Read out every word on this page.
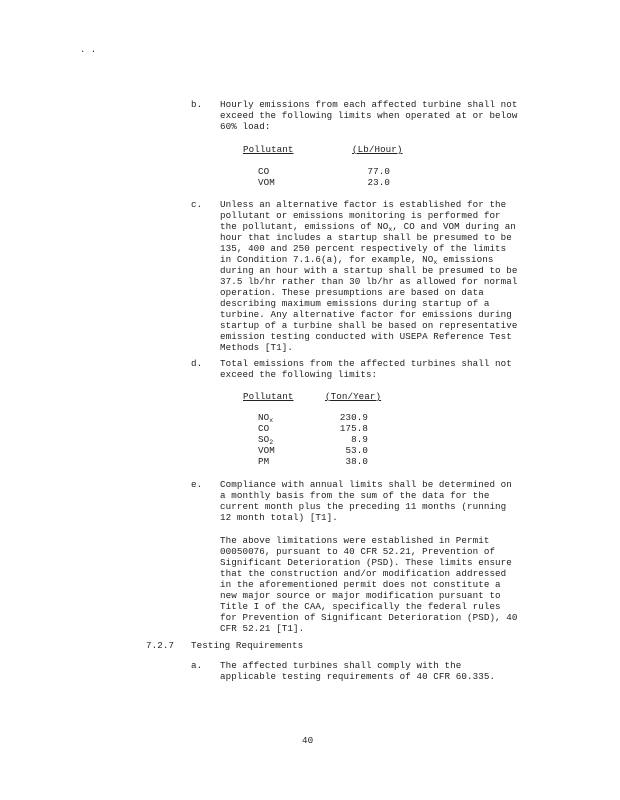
. .
b. Hourly emissions from each affected turbine shall not
exceed the following limits when operated at or below
60% load:
Pollutant	(Lb/Hour)
CO	77.0
VOM	23.0
c. Unless an alternative factor is established for the
pollutant or emissions monitoring is performed for
the pollutant, emissions of $NO_x$, CO and VOM during an
hour that includes a startup shall be presumed to be
135, 400 and 250 percent respectively of the limits
in Condition 7.1.6(a), for example, $NO_x$ emissions
during an hour with a startup shall be presumed to be
37.5 lb/hr rather than 30 lb/hr as allowed for normal
operation. These presumptions are based on data
describing maximum emissions during startup of a
turbine. Any alternative factor for emissions during
startup of a turbine shall be based on representative
emission testing conducted with USEPA Reference Test
Methods [T1].
d. Total emissions from the affected turbines shall not
exceed the following limits:
Pollutant	(Ton/Year)
$NO_x$	230.9
CO	175.8
$SO_2$	8.9
VOM	53.0
PM	38.0
e. Compliance with annual limits shall be determined on
a monthly basis from the sum of the data for the
current month plus the preceding 11 months (running
12 month total) [T1].
The above limitations were established in Permit
00050076, pursuant to 40 CFR 52.21, Prevention of
Significant Deterioration (PSD). These limits ensure
that the construction and/or modification addressed
in the aforementioned permit does not constitute a
new major source or major modification pursuant to
Title I of the CAA, specifically the federal rules
for Prevention of Significant Deterioration (PSD), 40
CFR 52.21 [T1].
7.2.7 Testing Requirements
a. The affected turbines shall comply with the
applicable testing requirements of 40 CFR 60.335.
40
